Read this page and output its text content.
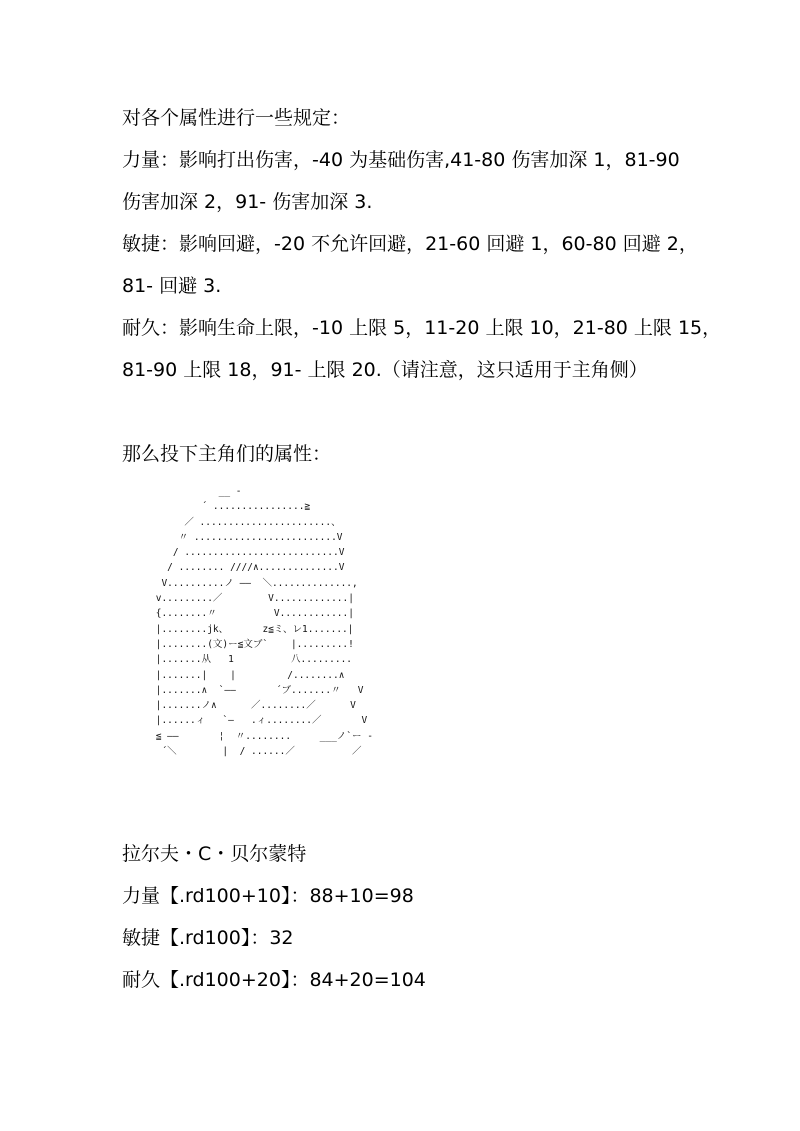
对各个属性进行一些规定：
力量：影响打出伤害，-40 为基础伤害,41-80 伤害加深 1，81-90
伤害加深 2，91- 伤害加深 3.
敏捷：影响回避，-20 不允许回避，21-60 回避 1，60-80 回避 2，
81- 回避 3.
耐久：影响生命上限，-10 上限 5，11-20 上限 10，21-80 上限 15，
81-90 上限 18，91- 上限 20.（请注意，这只适用于主角侧）
那么投下主角们的属性：
__ -
´ ................≧
／ .......................、
〃 .........................V
/ ...........................V
/ ........ ////∧..............V
V..........ノ ——  ＼..............,
v.........／        V.............|
{........〃          V............|
|........jk、      z≦ミ、レ1.......|
|........(文)ー≦文ブ`    |.........!
|.......从   1          八.........
|.......|    |         /........∧
|.......∧  `——       ´ブ.......〃   V
|.......ノ∧      ／........／      V
|......ィ   `—   .ィ........／       V
≦ ——       ¦  〃........     ___ノ`ー -
´＼        |  / ......／          ／
拉尔夫・C・贝尔蒙特
力量【.rd100+10】：88+10=98
敏捷【.rd100】：32
耐久【.rd100+20】：84+20=104
